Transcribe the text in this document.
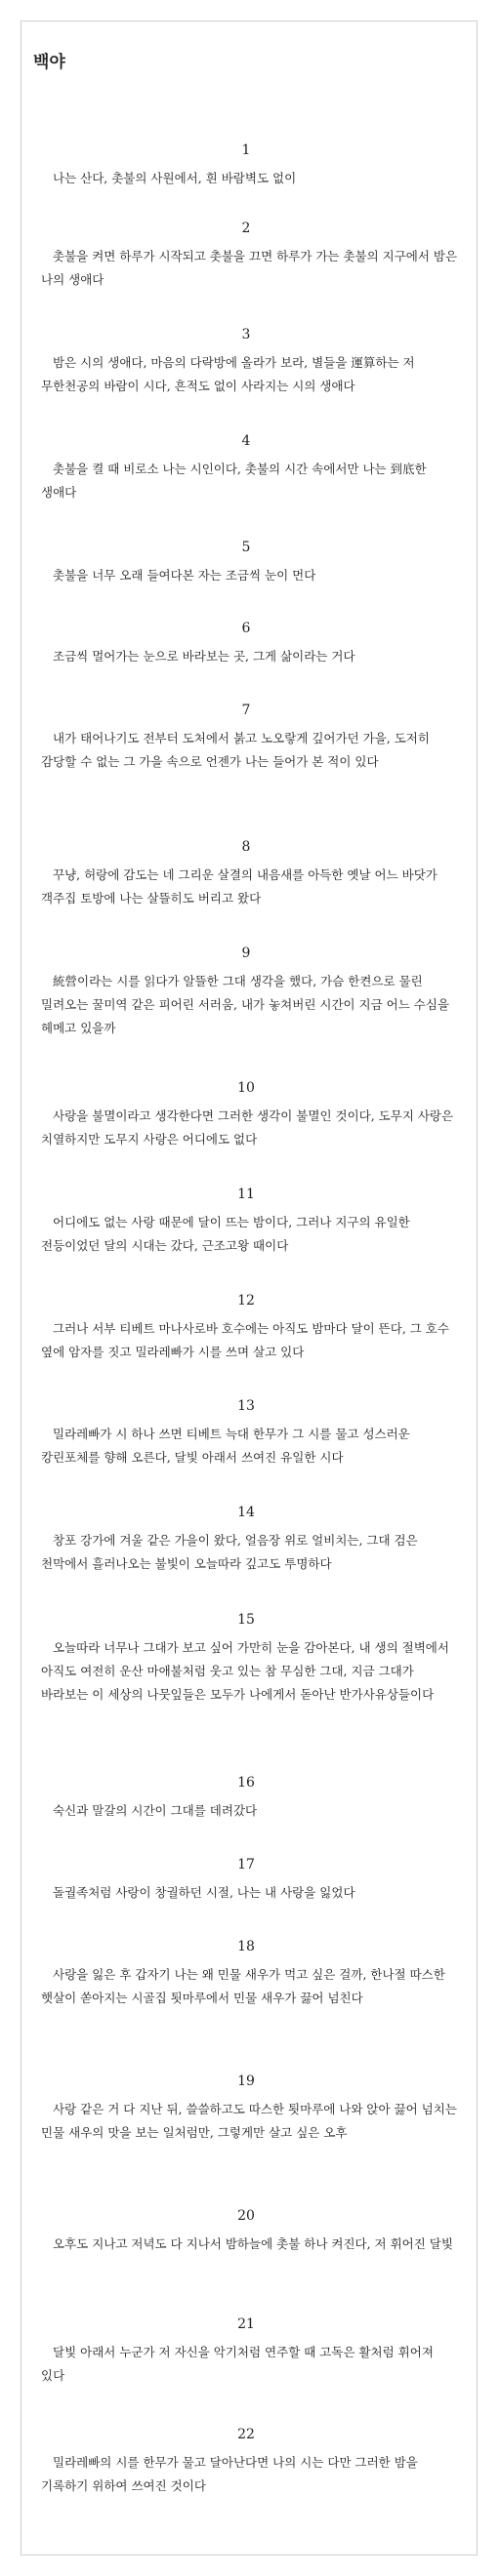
백야
1
나는 산다, 촛불의 사원에서, 흰 바람벽도 없이
2
촛불을 켜면 하루가 시작되고 촛불을 끄면 하루가 가는 촛불의 지구에서 밤은 나의 생애다
3
밤은 시의 생애다, 마음의 다락방에 올라가 보라, 별들을 運算하는 저 무한천공의 바람이 시다, 흔적도 없이 사라지는 시의 생애다
4
촛불을 켤 때 비로소 나는 시인이다, 촛불의 시간 속에서만 나는 到底한 생애다
5
촛불을 너무 오래 들여다본 자는 조금씩 눈이 먼다
6
조금씩 멀어가는 눈으로 바라보는 곳, 그게 삶이라는 거다
7
내가 태어나기도 전부터 도처에서 붉고 노오랗게 깊어가던 가을, 도저히 감당할 수 없는 그 가을 속으로 언젠가 나는 들어가 본 적이 있다
8
꾸냥, 허랑에 감도는 네 그리운 살결의 내음새를 아득한 옛날 어느 바닷가 객주집 토방에 나는 살뜰히도 버리고 왔다
9
統營이라는 시를 읽다가 알뜰한 그대 생각을 했다, 가슴 한켠으로 물린 밀려오는 꿀미역 같은 피어린 서러움, 내가 놓쳐버린 시간이 지금 어느 수심을 헤메고 있을까
10
사랑을 불멸이라고 생각한다면 그러한 생각이 불멸인 것이다, 도무지 사랑은 치열하지만 도무지 사랑은 어디에도 없다
11
어디에도 없는 사랑 때문에 달이 뜨는 밤이다, 그러나 지구의 유일한 전등이었던 달의 시대는 갔다, 근조고왕 때이다
12
그러나 서부 티베트 마나사로바 호수에는 아직도 밤마다 달이 뜬다, 그 호수 옆에 암자를 짓고 밀라레빠가 시를 쓰며 살고 있다
13
밀라레빠가 시 하나 쓰면 티베트 늑대 한무가 그 시를 물고 성스러운 캉린포체를 향해 오른다, 달빛 아래서 쓰여진 유일한 시다
14
창포 강가에 겨울 같은 가을이 왔다, 얼음장 위로 얼비치는, 그대 검은 천막에서 흘러나오는 불빛이 오늘따라 깊고도 투명하다
15
오늘따라 너무나 그대가 보고 싶어 가만히 눈을 감아본다, 내 생의 절벽에서 아직도 여전히 운산 마애불처럼 웃고 있는 참 무심한 그대, 지금 그대가 바라보는 이 세상의 나뭇잎들은 모두가 나에게서 돋아난 반가사유상들이다
16
숙신과 말갈의 시간이 그대를 데려갔다
17
돌궐족처럼 사랑이 창궐하던 시절, 나는 내 사랑을 잃었다
18
사랑을 잃은 후 갑자기 나는 왜 민물 새우가 먹고 싶은 걸까, 한나절 따스한 햇살이 쏟아지는 시골집 툇마루에서 민물 새우가 끓어 넘친다
19
사랑 같은 거 다 지난 뒤, 쓸쓸하고도 따스한 툇마루에 나와 앉아 끓어 넘치는 민물 새우의 맛을 보는 일처럼만, 그렇게만 살고 싶은 오후
20
오후도 지나고 저녁도 다 지나서 밤하늘에 촛불 하나 켜진다, 저 휘어진 달빛
21
달빛 아래서 누군가 저 자신을 악기처럼 연주할 때 고독은 활처럼 휘어져 있다
22
밀라레빠의 시를 한무가 물고 달아난다면 나의 시는 다만 그러한 밤을 기록하기 위하여 쓰여진 것이다
